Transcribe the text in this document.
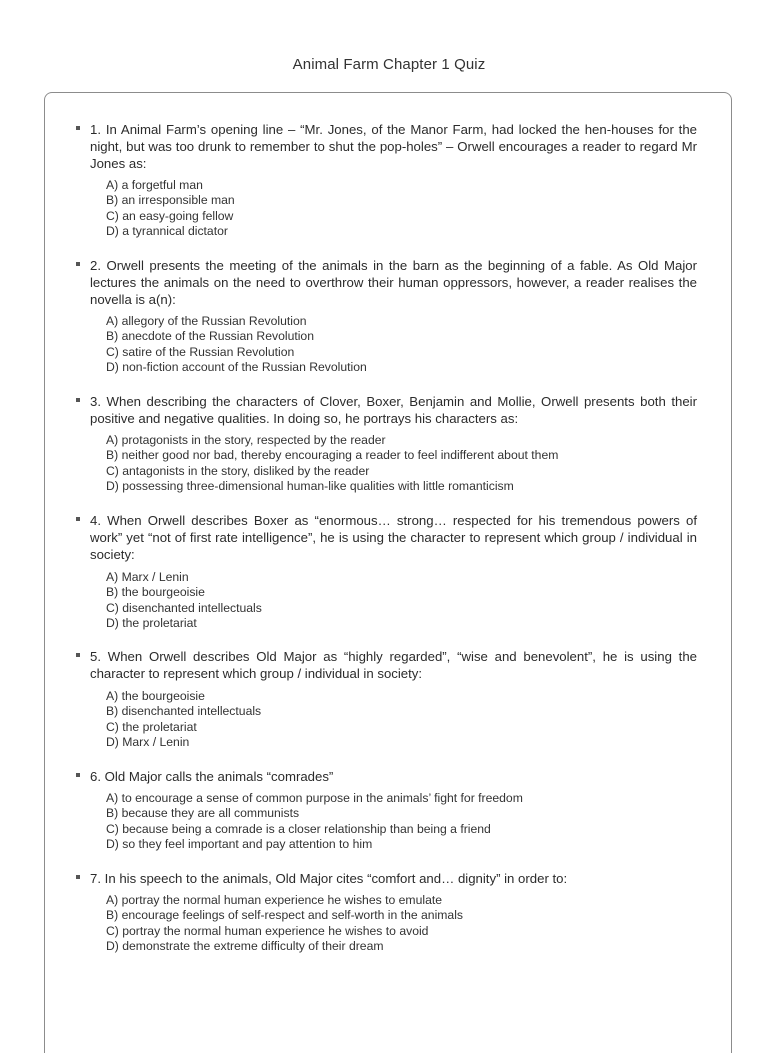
Animal Farm Chapter 1 Quiz

1. In Animal Farm’s opening line – “Mr. Jones, of the Manor Farm, had locked the hen-houses for the night, but was too drunk to remember to shut the pop-holes” – Orwell encourages a reader to regard Mr Jones as:

A) a forgetful man
B) an irresponsible man
C) an easy-going fellow
D) a tyrannical dictator

2. Orwell presents the meeting of the animals in the barn as the beginning of a fable. As Old Major lectures the animals on the need to overthrow their human oppressors, however, a reader realises the novella is a(n):

A) allegory of the Russian Revolution
B) anecdote of the Russian Revolution
C) satire of the Russian Revolution
D) non-fiction account of the Russian Revolution

3. When describing the characters of Clover, Boxer, Benjamin and Mollie, Orwell presents both their positive and negative qualities. In doing so, he portrays his characters as:

A) protagonists in the story, respected by the reader
B) neither good nor bad, thereby encouraging a reader to feel indifferent about them
C) antagonists in the story, disliked by the reader
D) possessing three-dimensional human-like qualities with little romanticism

4. When Orwell describes Boxer as “enormous… strong… respected for his tremendous powers of work” yet “not of first rate intelligence”, he is using the character to represent which group / individual in society:

A) Marx / Lenin
B) the bourgeoisie
C) disenchanted intellectuals
D) the proletariat

5. When Orwell describes Old Major as “highly regarded”, “wise and benevolent”, he is using the character to represent which group / individual in society:

A) the bourgeoisie
B) disenchanted intellectuals
C) the proletariat
D) Marx / Lenin

6. Old Major calls the animals “comrades”

A) to encourage a sense of common purpose in the animals’ fight for freedom
B) because they are all communists
C) because being a comrade is a closer relationship than being a friend
D) so they feel important and pay attention to him

7. In his speech to the animals, Old Major cites “comfort and… dignity” in order to:

A) portray the normal human experience he wishes to emulate
B) encourage feelings of self-respect and self-worth in the animals
C) portray the normal human experience he wishes to avoid
D) demonstrate the extreme difficulty of their dream
